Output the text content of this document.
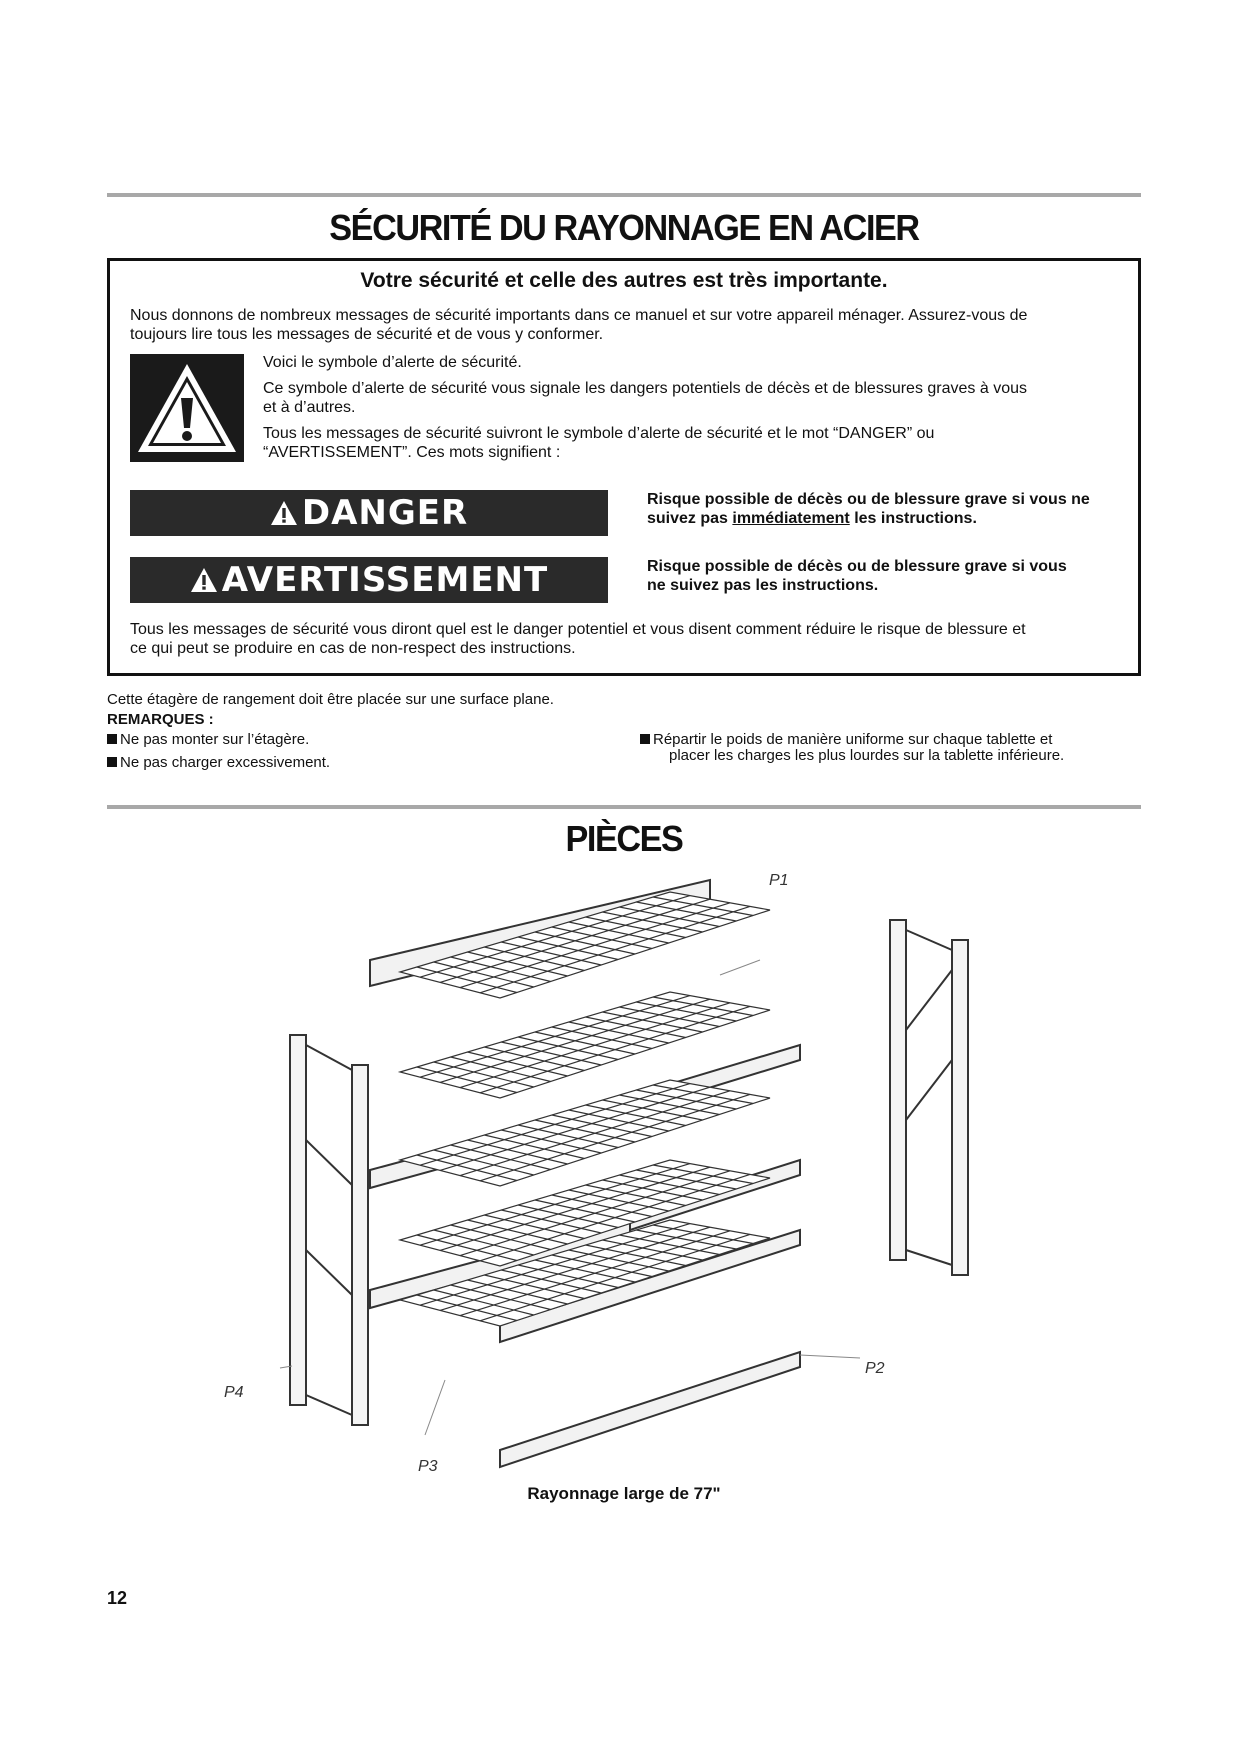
SÉCURITÉ DU RAYONNAGE EN ACIER
Votre sécurité et celle des autres est très importante.
Nous donnons de nombreux messages de sécurité importants dans ce manuel et sur votre appareil ménager. Assurez-vous de
toujours lire tous les messages de sécurité et de vous y conformer.
Voici le symbole d’alerte de sécurité.
Ce symbole d’alerte de sécurité vous signale les dangers potentiels de décès et de blessures graves à vous
et à d’autres.
Tous les messages de sécurité suivront le symbole d’alerte de sécurité et le mot “DANGER” ou
“AVERTISSEMENT”. Ces mots signifient :
DANGER	Risque possible de décès ou de blessure grave si vous ne
suivez pas immédiatement les instructions.
AVERTISSEMENT	Risque possible de décès ou de blessure grave si vous
ne suivez pas les instructions.
Tous les messages de sécurité vous diront quel est le danger potentiel et vous disent comment réduire le risque de blessure et
ce qui peut se produire en cas de non-respect des instructions.
Cette étagère de rangement doit être placée sur une surface plane.
REMARQUES :
Ne pas monter sur l’étagère.
Ne pas charger excessivement.
Répartir le poids de manière uniforme sur chaque tablette et
placer les charges les plus lourdes sur la tablette inférieure.
PIÈCES
P1
P2
P3
P4
Rayonnage large de 77"
12
